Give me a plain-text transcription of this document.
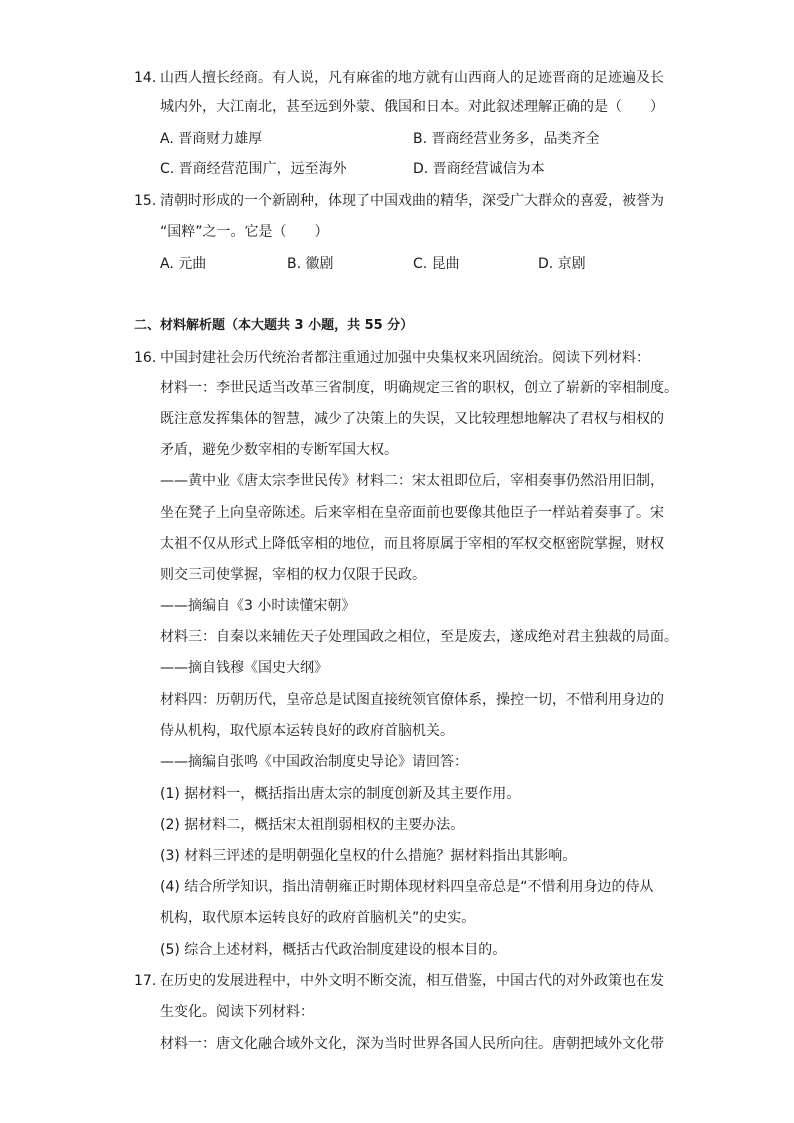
14. 山西人擅长经商。有人说，凡有麻雀的地方就有山西商人的足迹晋商的足迹遍及长
城内外，大江南北，甚至远到外蒙、俄国和日本。对此叙述理解正确的是（　　）
A. 晋商财力雄厚	B. 晋商经营业务多，品类齐全
C. 晋商经营范围广，远至海外	D. 晋商经营诚信为本
15. 清朝时形成的一个新剧种，体现了中国戏曲的精华，深受广大群众的喜爱，被誉为
“国粹”之一。它是（　　）
A. 元曲	B. 徽剧	C. 昆曲	D. 京剧
二、材料解析题（本大题共 3 小题，共 55 分）
16. 中国封建社会历代统治者都注重通过加强中央集权来巩固统治。阅读下列材料：
材料一：李世民适当改革三省制度，明确规定三省的职权，创立了崭新的宰相制度。
既注意发挥集体的智慧，减少了决策上的失误，又比较理想地解决了君权与相权的
矛盾，避免少数宰相的专断军国大权。
——黄中业《唐太宗李世民传》材料二：宋太祖即位后，宰相奏事仍然沿用旧制，
坐在凳子上向皇帝陈述。后来宰相在皇帝面前也要像其他臣子一样站着奏事了。宋
太祖不仅从形式上降低宰相的地位，而且将原属于宰相的军权交枢密院掌握，财权
则交三司使掌握，宰相的权力仅限于民政。
——摘编自《3 小时读懂宋朝》
材料三：自秦以来辅佐天子处理国政之相位，至是废去，遂成绝对君主独裁的局面。
——摘自钱穆《国史大纲》
材料四：历朝历代，皇帝总是试图直接统领官僚体系，操控一切，不惜利用身边的
侍从机构，取代原本运转良好的政府首脑机关。
——摘编自张鸣《中国政治制度史导论》请回答：
(1) 据材料一，概括指出唐太宗的制度创新及其主要作用。
(2) 据材料二，概括宋太祖削弱相权的主要办法。
(3) 材料三评述的是明朝强化皇权的什么措施？据材料指出其影响。
(4) 结合所学知识，指出清朝雍正时期体现材料四皇帝总是“不惜利用身边的侍从
机构，取代原本运转良好的政府首脑机关”的史实。
(5) 综合上述材料，概括古代政治制度建设的根本目的。
17. 在历史的发展进程中，中外文明不断交流，相互借鉴，中国古代的对外政策也在发
生变化。阅读下列材料：
材料一：唐文化融合域外文化，深为当时世界各国人民所向往。唐朝把域外文化带
